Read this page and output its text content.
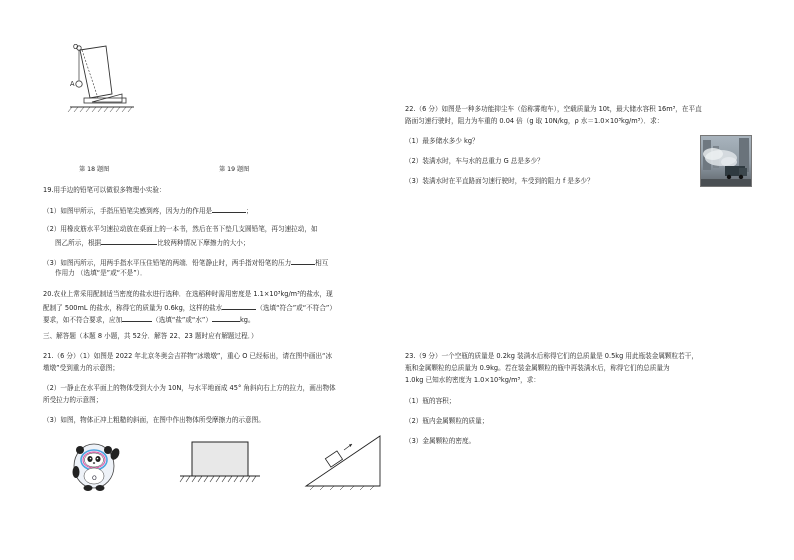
O
A
第 18 题图	第 19 题图
19.用手边的铅笔可以做很多物理小实验：
（1）如图甲所示，手指压铅笔尖感到疼，因为力的作用是	；
（2）用橡皮筋水平匀速拉动放在桌面上的一本书，然后在书下垫几支圆铅笔，再匀速拉动，如
图乙所示，根据	比较两种情况下摩擦力的大小；
（3）如图丙所示，用两手指水平压住铅笔的两端．铅笔静止时，两手指对铅笔的压力	相互
作用力 （选填“是”或“不是”）．
20.农业上常采用配制适当密度的盐水进行选种．在选稻种时需用密度是 1.1×10³kg/m³的盐水，现
配制了 500mL 的盐水，称得它的质量为 0.6kg，这样的盐水	（选填“符合”或“不符合”）
要求，如不符合要求，应加	（选填“盐”或“水”）	kg。
三、解答题（本题 8 小题，共 52分．解答 22、23 题时应有解题过程．）
21.（6 分）（1）如图是 2022 年北京冬奥会吉祥物“冰墩墩”，重心 O 已经标出，请在图中画出“冰
墩墩”受到重力的示意图；
（2）一静止在水平面上的物体受到大小为 10N，与水平地面成 45° 角斜向右上方的拉力，画出物体
所受拉力的示意图；
（3）如图，物体正冲上粗糙的斜面，在图中作出物体所受摩擦力的示意图。
O
22.（6 分）如图是一种多功能抑尘车（俗称雾炮车），空载质量为 10t，最大储水容积 16m³，在平直
路面匀速行驶时，阻力为车重的 0.04 倍（g 取 10N/kg，ρ 水＝1.0×10³kg/m³）．求：
（1）最多储水多少 kg？
（2）装满水时，车与水的总重力 G 总是多少？
（3）装满水时在平直路面匀速行驶时，车受到的阻力 f 是多少？
23.（9 分）一个空瓶的质量是 0.2kg 装满水后称得它们的总质量是 0.5kg 用此瓶装金属颗粒若干，
瓶和金属颗粒的总质量为 0.9kg。若在装金属颗粒的瓶中再装满水后，称得它们的总质量为
1.0kg 已知水的密度为 1.0×10³kg/m³，求：
（1）瓶的容积；
（2）瓶内金属颗粒的质量；
（3）金属颗粒的密度。
